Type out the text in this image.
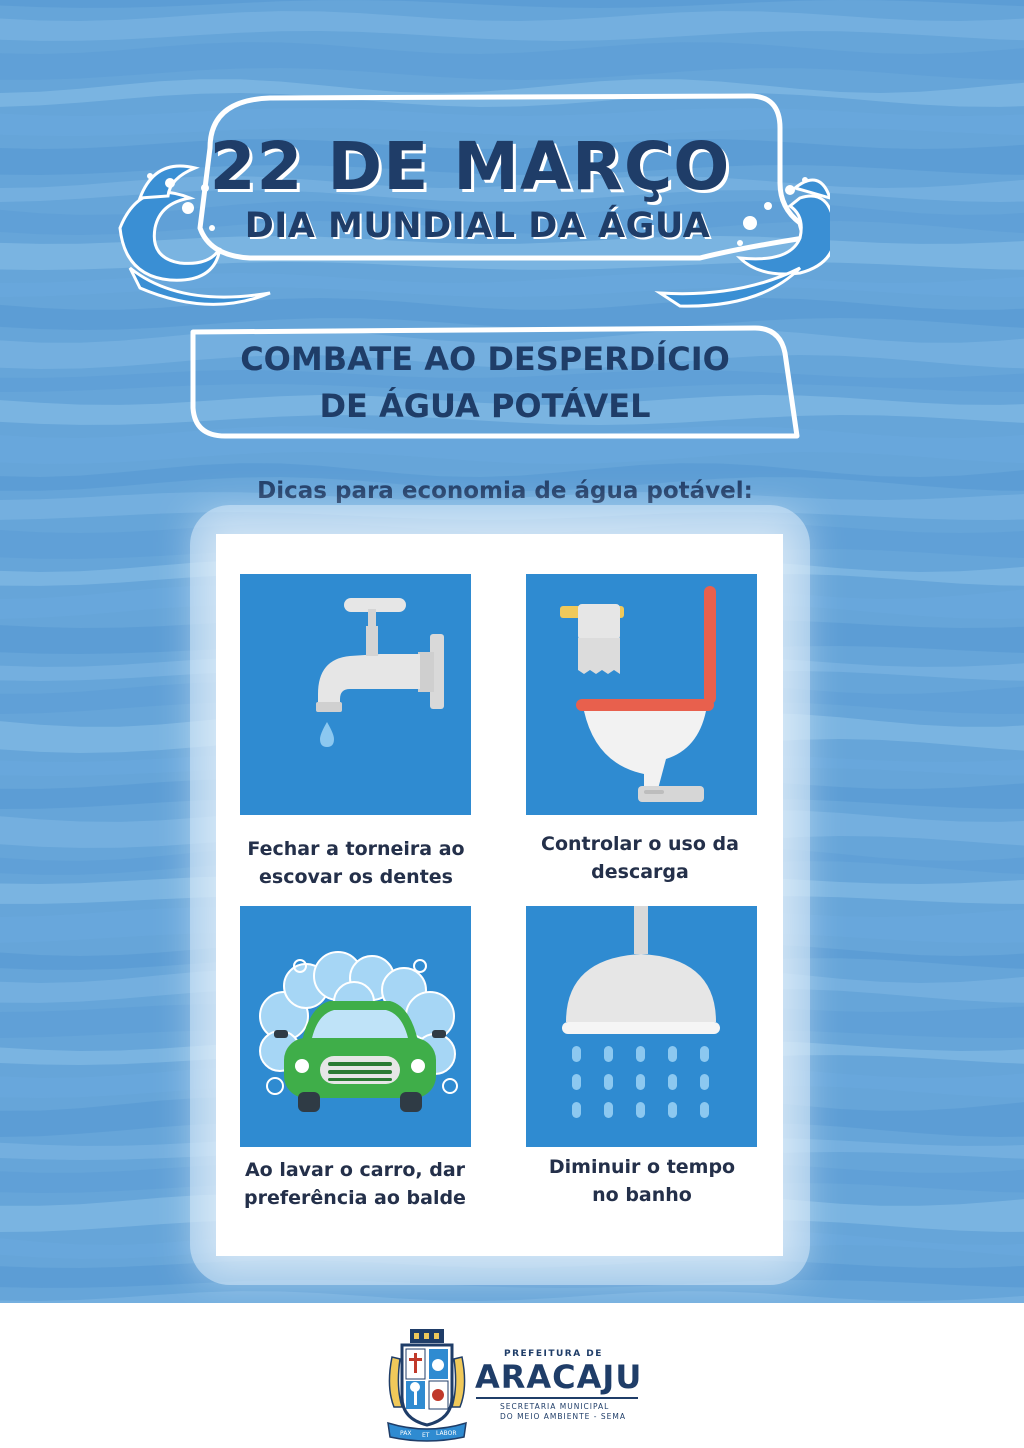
22 DE MARÇO
DIA MUNDIAL DA ÁGUA
COMBATE AO DESPERDÍCIO
DE ÁGUA POTÁVEL
Dicas para economia de água potável:
Fechar a torneira ao
escovar os dentes
Controlar o uso da
descarga
Ao lavar o carro, dar
preferência ao balde
Diminuir o tempo
no banho
PAX ET LABOR
PREFEITURA DE
ARACAJU
SECRETARIA MUNICIPAL
DO MEIO AMBIENTE - SEMA
